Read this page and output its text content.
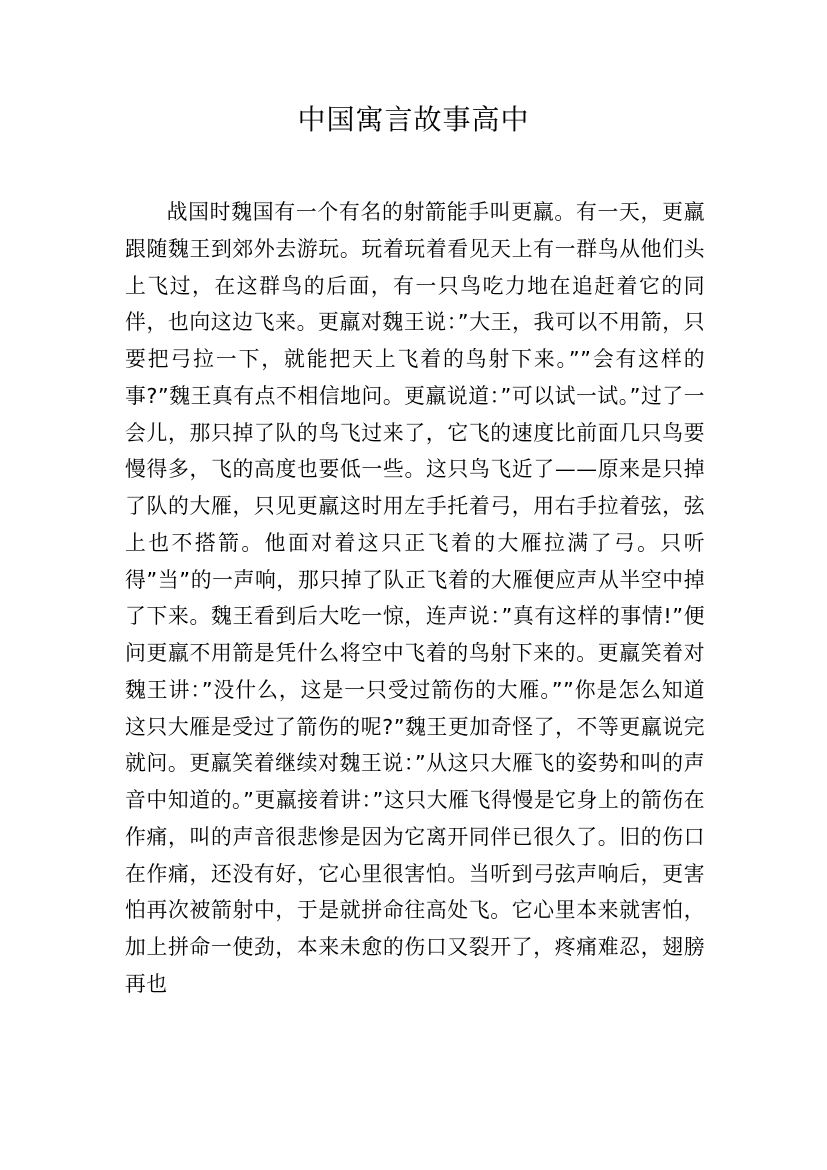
中国寓言故事高中

战国时魏国有一个有名的射箭能手叫更羸。有一天，更羸跟随魏王到郊外去游玩。玩着玩着看见天上有一群鸟从他们头上飞过，在这群鸟的后面，有一只鸟吃力地在追赶着它的同伴，也向这边飞来。更羸对魏王说：”大王，我可以不用箭，只要把弓拉一下，就能把天上飞着的鸟射下来。””会有这样的事?”魏王真有点不相信地问。更羸说道：”可以试一试。”过了一会儿，那只掉了队的鸟飞过来了，它飞的速度比前面几只鸟要慢得多，飞的高度也要低一些。这只鸟飞近了——原来是只掉了队的大雁，只见更羸这时用左手托着弓，用右手拉着弦，弦上也不搭箭。他面对着这只正飞着的大雁拉满了弓。只听得”当”的一声响，那只掉了队正飞着的大雁便应声从半空中掉了下来。魏王看到后大吃一惊，连声说：”真有这样的事情!”便问更羸不用箭是凭什么将空中飞着的鸟射下来的。更羸笑着对魏王讲：”没什么，这是一只受过箭伤的大雁。””你是怎么知道这只大雁是受过了箭伤的呢?”魏王更加奇怪了，不等更羸说完就问。更羸笑着继续对魏王说：”从这只大雁飞的姿势和叫的声音中知道的。”更羸接着讲：”这只大雁飞得慢是它身上的箭伤在作痛，叫的声音很悲惨是因为它离开同伴已很久了。旧的伤口在作痛，还没有好，它心里很害怕。当听到弓弦声响后，更害怕再次被箭射中，于是就拼命往高处飞。它心里本来就害怕，加上拼命一使劲，本来未愈的伤口又裂开了，疼痛难忍，翅膀再也
